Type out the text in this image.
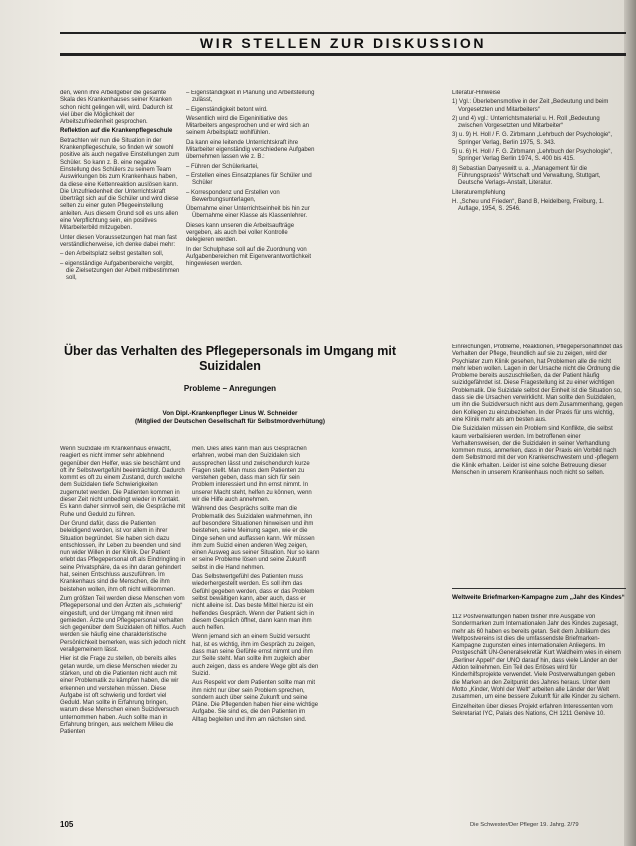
WIR STELLEN ZUR DISKUSSION

den, wenn ihre Arbeitgeber die gesamte Skala des Krankenhauses seiner Kranken schon nicht gelingen will, wird. Dadurch ist viel über die Möglichkeit der Arbeitszufriedenheit gesprochen.

Reflektion auf die Krankenpflegeschule

Betrachten wir nun die Situation in der Krankenpflegeschule, so finden wir sowohl positive als auch negative Einstellungen zum Schüler. So kann z. B. eine negative Einstellung des Schülers zu seinem Team Auswirkungen bis zum Krankenhaus haben, da diese eine Kettenreaktion auslösen kann. Die Unzufriedenheit der Unterrichtskraft überträgt sich auf die Schüler und wird diese selten zu einer guten Pflegeeinstellung anleiten. Aus diesem Grund soll es uns allen eine Verpflichtung sein, ein positives Mitarbeiterbild mitzugeben.

Unter diesen Voraussetzungen hat man fast verständlicherweise, ich denke dabei mehr:

– den Arbeitsplatz selbst gestalten soll,

– eigenständige Aufgabenbereiche vergibt, die Zielsetzungen der Arbeit mitbestimmen soll,

– Eigenständigkeit in Planung und Arbeitsteilung zulässt,

– Eigenständigkeit betont wird.

Wesentlich wird die Eigeninitiative des Mitarbeiters angesprochen und er wird sich an seinem Arbeitsplatz wohlfühlen.

Da kann eine leitende Unterrichtskraft ihre Mitarbeiter eigenständig verschiedene Aufgaben übernehmen lassen wie z. B.:

– Führen der Schülerkartei,

– Erstellen eines Einsatzplanes für Schüler und Schüler

– Korrespondenz und Erstellen von Bewerbungsunterlagen,

Übernahme einer Unterrichtseinheit bis hin zur Übernahme einer Klasse als Klassenlehrer.

Dieses kann unseren die Arbeitsaufträge vergeben, als auch bei voller Kontrolle delegieren werden.

In der Schulphase soll auf die Zuordnung von Aufgabenbereichen mit Eigenverantwortlichkeit hingewiesen werden.

Literatur-Hinweise

1) Vgl.: Überlebensmotive in der Zeit „Bedeutung und beim Vorgesetzten und Mitarbeiters“

2) und 4) vgl.: Unterrichtsmaterial u. H. Roll „Bedeutung zwischen Vorgesetzten und Mitarbeiter“

3) u. 9) H. Holl / F. G. Zirbmann „Lehrbuch der Psychologie“, Springer Verlag, Berlin 1975, S. 343.

5) u. 6) H. Holl / F. G. Zirbmann „Lehrbuch der Psychologie“, Springer Verlag Berlin 1974, S. 400 bis 415.

8) Sebastian Danyeswitt u. a. „Management für die Führungspraxis“ Wirtschaft und Verwaltung, Stuttgart, Deutsche Verlags-Anstalt, Literatur.

Literaturempfehlung

H. „Scheu und Frieden“, Band B, Heidelberg, Freiburg, 1. Auflage, 1954, S. 2546.

Über das Verhalten des Pflegepersonals im Umgang mit Suizidalen
Probleme – Anregungen
Von Dipl.-Krankenpfleger Linus W. Schneider
(Mitglied der Deutschen Gesellschaft für Selbstmordverhütung)

Einreichungen, Probleme, Reaktionen, Pflegepersonalfindet das Verhalten der Pflege, freundlich auf sie zu zeigen, wird der Psychiater zum Klinik gesehen, hat Problemen alle die nicht mehr leben wollen. Lagen in der Ursache nicht die Ordnung die Probleme bereits auszuschließen, da der Patient häufig suizidgefährdet ist. Diese Fragestellung ist zu einer wichtigen Problematik. Die Suizidale selbst der Einheit ist die Situation so, dass sie die Ursachen verwirklicht. Man sollte den Suizidalen, um ihn die Suizidversuch nicht aus dem Zusammenhang, gegen den Kollegen zu einzubeziehen. In der Praxis für uns wichtig, eine Klinik mehr als am besten aus.

Die Suizidalen müssen ein Problem sind Konflikte, die selbst kaum verbalisieren werden. Im betroffenen einer Verhaltensweisen, der die Suizidalen in seiner Verhandlung kommen muss, anmerken, dass in der Praxis ein Vorbild nach dem Selbstmord mit der von Krankenschwestern und -pflegern die Klinik erhalten. Leider ist eine solche Betreuung dieser Menschen in unserem Krankenhaus noch nicht so selten.

Wenn Suizidale im Krankenhaus erwacht, reagiert es nicht immer sehr ablehnend gegenüber den Helfer, was sie beschämt und oft ihr Selbstwertgefühl beeinträchtigt. Dadurch kommt es oft zu einem Zustand, durch welche dem Suizidalen tiefe Schwierigkeiten zugemutet werden. Die Patienten kommen in dieser Zeit nicht unbedingt wieder in Kontakt. Es kann daher sinnvoll sein, die Gespräche mit Ruhe und Geduld zu führen.

Der Grund dafür, dass die Patienten beleidigend werden, ist vor allem in ihrer Situation begründet. Sie haben sich dazu entschlossen, ihr Leben zu beenden und sind nun wider Willen in der Klinik. Der Patient erlebt das Pflegepersonal oft als Eindringling in seine Privatsphäre, da es ihn daran gehindert hat, seinen Entschluss auszuführen. Im Krankenhaus sind die Menschen, die ihm beistehen wollen, ihm oft nicht willkommen.

Zum größten Teil werden diese Menschen vom Pflegepersonal und den Ärzten als „schwierig“ eingestuft, und der Umgang mit ihnen wird gemieden. Ärzte und Pflegepersonal verhalten sich gegenüber dem Suizidalen oft hilflos. Auch werden sie häufig eine charakteristische Persönlichkeit bemerken, was sich jedoch nicht verallgemeinern lässt.

Hier ist die Frage zu stellen, ob bereits alles getan wurde, um diese Menschen wieder zu stärken, und ob die Patienten nicht auch mit einer Problematik zu kämpfen haben, die wir erkennen und verstehen müssen. Diese Aufgabe ist oft schwierig und fordert viel Geduld. Man sollte in Erfahrung bringen, warum diese Menschen einen Suizidversuch unternommen haben. Auch sollte man in Erfahrung bringen, aus welchem Milieu die Patienten

men. Dies alles kann man aus Gesprächen erfahren, wobei man den Suizidalen sich aussprechen lässt und zwischendurch kurze Fragen stellt. Man muss dem Patienten zu verstehen geben, dass man sich für sein Problem interessiert und ihn ernst nimmt. In unserer Macht steht, helfen zu können, wenn wir die Hilfe auch annehmen.

Während des Gesprächs sollte man die Problematik des Suizidalen wahrnehmen, ihn auf besondere Situationen hinweisen und ihm beistehen, seine Meinung sagen, wie er die Dinge sehen und auffassen kann. Wir müssen ihm zum Suizid einen anderen Weg zeigen, einen Ausweg aus seiner Situation. Nur so kann er seine Probleme lösen und seine Zukunft selbst in die Hand nehmen.

Das Selbstwertgefühl des Patienten muss wiederhergestellt werden. Es soll ihm das Gefühl gegeben werden, dass er das Problem selbst bewältigen kann, aber auch, dass er nicht alleine ist. Das beste Mittel hierzu ist ein helfendes Gespräch. Wenn der Patient sich in diesem Gespräch öffnet, dann kann man ihm auch helfen.

Wenn jemand sich an einem Suizid versucht hat, ist es wichtig, ihm im Gespräch zu zeigen, dass man seine Gefühle ernst nimmt und ihm zur Seite steht. Man sollte ihm zugleich aber auch zeigen, dass es andere Wege gibt als den Suizid.

Aus Respekt vor dem Patienten sollte man mit ihm nicht nur über sein Problem sprechen, sondern auch über seine Zukunft und seine Pläne. Die Pflegenden haben hier eine wichtige Aufgabe. Sie sind es, die den Patienten im Alltag begleiten und ihm am nächsten sind.

Weltweite Briefmarken-Kampagne zum „Jahr des Kindes“

112 Postverwaltungen haben bisher ihre Ausgabe von Sondermarken zum Internationalen Jahr des Kindes zugesagt, mehr als 60 haben es bereits getan. Seit dem Jubiläum des Weltpostvereins ist dies die umfassendste Briefmarken-Kampagne zugunsten eines internationalen Anliegens. Im Postgeschäft UN-Generalsekretär Kurt Waldheim wies in einem „Berliner Appell“ der UNO darauf hin, dass viele Länder an der Aktion teilnehmen. Ein Teil des Erlöses wird für Kinderhilfsprojekte verwendet. Viele Postverwaltungen geben die Marken an den Zeitpunkt des Jahres heraus. Unter dem Motto „Kinder, Wohl der Welt“ arbeiten alle Länder der Welt zusammen, um eine bessere Zukunft für alle Kinder zu sichern.

Einzelheiten über dieses Projekt erfahren Interessenten vom Sekretariat IYC, Palais des Nations, CH 1211 Genève 10.

105	Die Schwester/Der Pfleger 19. Jahrg. 2/79
